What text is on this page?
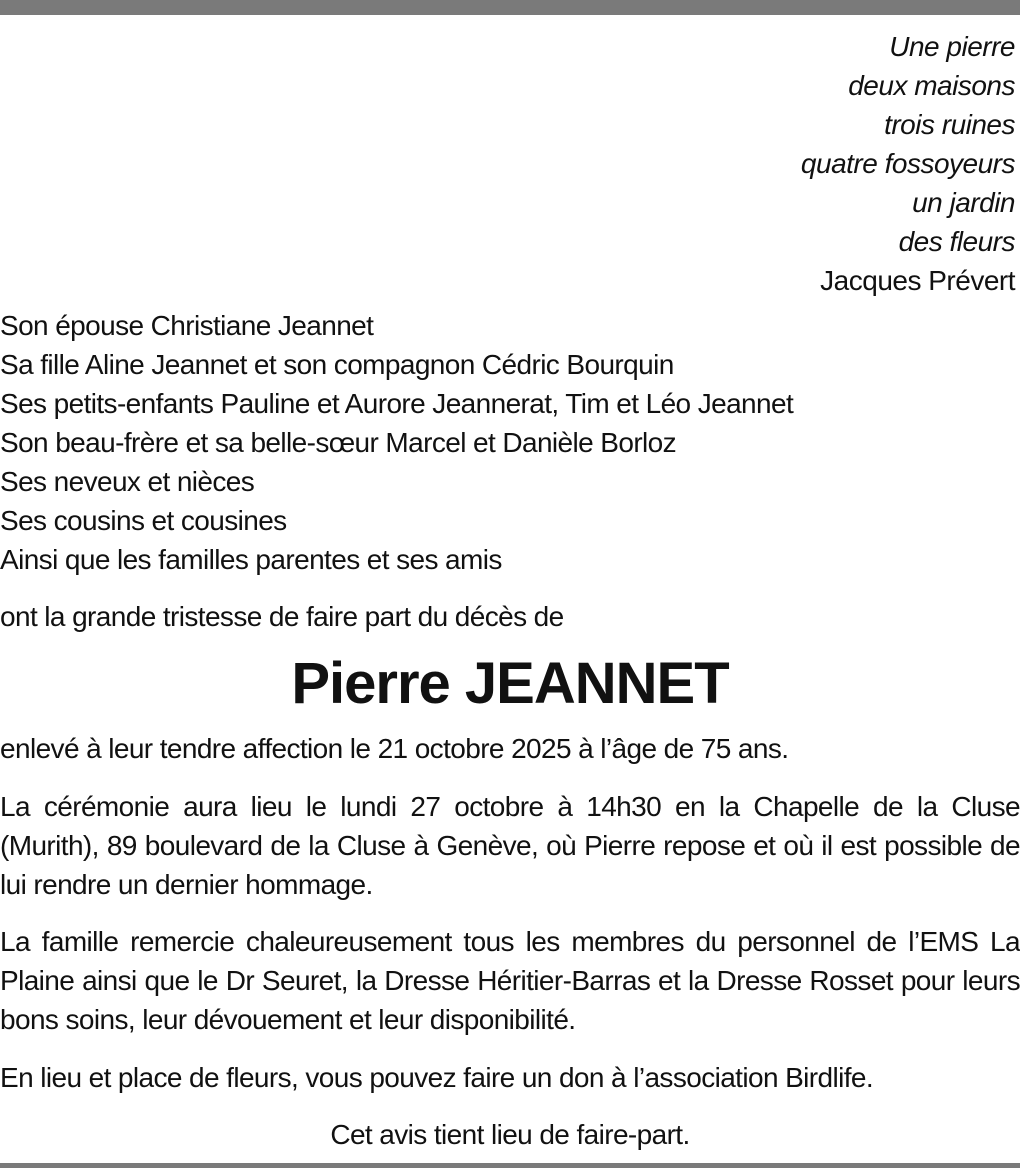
Une pierre
deux maisons
trois ruines
quatre fossoyeurs
un jardin
des fleurs
Jacques Prévert
Son épouse Christiane Jeannet
Sa fille Aline Jeannet et son compagnon Cédric Bourquin
Ses petits-enfants Pauline et Aurore Jeannerat, Tim et Léo Jeannet
Son beau-frère et sa belle-sœur Marcel et Danièle Borloz
Ses neveux et nièces
Ses cousins et cousines
Ainsi que les familles parentes et ses amis
ont la grande tristesse de faire part du décès de
Pierre JEANNET
enlevé à leur tendre affection le 21 octobre 2025 à l’âge de 75 ans.
La cérémonie aura lieu le lundi 27 octobre à 14h30 en la Chapelle de la Cluse (Murith), 89 boulevard de la Cluse à Genève, où Pierre repose et où il est possible de lui rendre un dernier hommage.
La famille remercie chaleureusement tous les membres du personnel de l’EMS La Plaine ainsi que le Dr Seuret, la Dresse Héritier-Barras et la Dresse Rosset pour leurs bons soins, leur dévouement et leur disponibilité.
En lieu et place de fleurs, vous pouvez faire un don à l’association Birdlife.
Cet avis tient lieu de faire-part.
